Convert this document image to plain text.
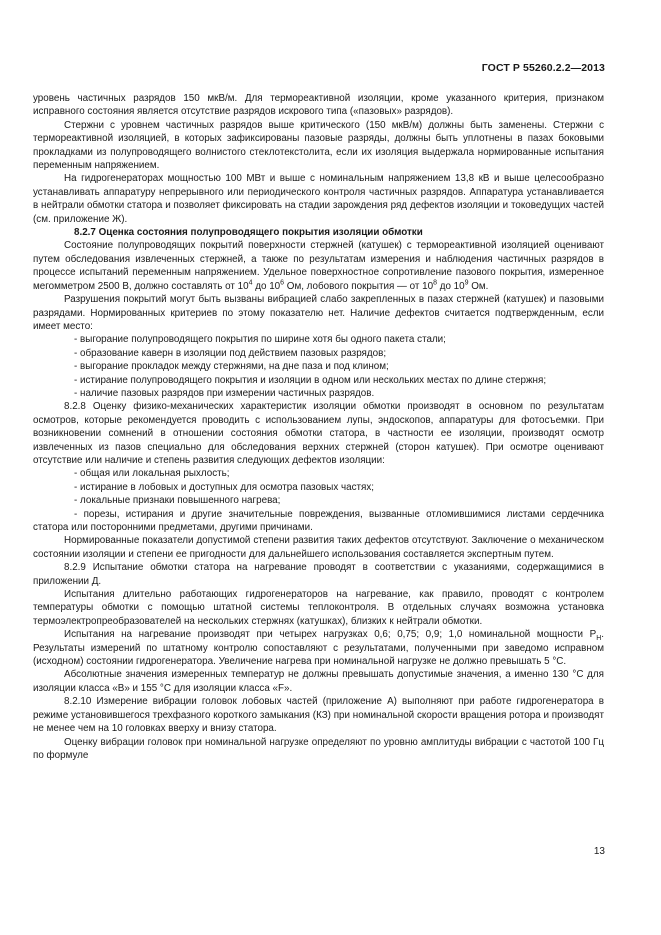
ГОСТ Р 55260.2.2—2013

уровень частичных разрядов 150 мкВ/м. Для термореактивной изоляции, кроме указанного критерия, признаком исправного состояния является отсутствие разрядов искрового типа («пазовых» разрядов).

Стержни с уровнем частичных разрядов выше критического (150 мкВ/м) должны быть заменены. Стержни с термореактивной изоляцией, в которых зафиксированы пазовые разряды, должны быть уплотнены в пазах боковыми прокладками из полупроводящего волнистого стеклотекстолита, если их изоляция выдержала нормированные испытания переменным напряжением.

На гидрогенераторах мощностью 100 МВт и выше с номинальным напряжением 13,8 кВ и выше целесообразно устанавливать аппаратуру непрерывного или периодического контроля частичных разрядов. Аппаратура устанавливается в нейтрали обмотки статора и позволяет фиксировать на стадии зарождения ряд дефектов изоляции и токоведущих частей (см. приложение Ж).

8.2.7 Оценка состояния полупроводящего покрытия изоляции обмотки

Состояние полупроводящих покрытий поверхности стержней (катушек) с термореактивной изоляцией оценивают путем обследования извлеченных стержней, а также по результатам измерения и наблюдения частичных разрядов в процессе испытаний переменным напряжением. Удельное поверхностное сопротивление пазового покрытия, измеренное мегомметром 2500 В, должно составлять от $10^4$ до $10^6$ Ом, лобового покрытия — от $10^8$ до $10^9$ Ом.

Разрушения покрытий могут быть вызваны вибрацией слабо закрепленных в пазах стержней (катушек) и пазовыми разрядами. Нормированных критериев по этому показателю нет. Наличие дефектов считается подтвержденным, если имеет место:

- выгорание полупроводящего покрытия по ширине хотя бы одного пакета стали;

- образование каверн в изоляции под действием пазовых разрядов;

- выгорание прокладок между стержнями, на дне паза и под клином;

- истирание полупроводящего покрытия и изоляции в одном или нескольких местах по длине стержня;

- наличие пазовых разрядов при измерении частичных разрядов.

8.2.8 Оценку физико-механических характеристик изоляции обмотки производят в основном по результатам осмотров, которые рекомендуется проводить с использованием лупы, эндоскопов, аппаратуры для фотосъемки. При возникновении сомнений в отношении состояния обмотки статора, в частности ее изоляции, производят осмотр извлеченных из пазов специально для обследования верхних стержней (сторон катушек). При осмотре оценивают отсутствие или наличие и степень развития следующих дефектов изоляции:

- общая или локальная рыхлость;

- истирание в лобовых и доступных для осмотра пазовых частях;

- локальные признаки повышенного нагрева;

- порезы, истирания и другие значительные повреждения, вызванные отломившимися листами сердечника статора или посторонними предметами, другими причинами.

Нормированные показатели допустимой степени развития таких дефектов отсутствуют. Заключение о механическом состоянии изоляции и степени ее пригодности для дальнейшего использования составляется экспертным путем.

8.2.9 Испытание обмотки статора на нагревание проводят в соответствии с указаниями, содержащимися в приложении Д.

Испытания длительно работающих гидрогенераторов на нагревание, как правило, проводят с контролем температуры обмотки с помощью штатной системы теплоконтроля. В отдельных случаях возможна установка термоэлектропреобразователей на нескольких стержнях (катушках), близких к нейтрали обмотки.

Испытания на нагревание производят при четырех нагрузках 0,6; 0,75; 0,9; 1,0 номинальной мощности $P_Н$. Результаты измерений по штатному контролю сопоставляют с результатами, полученными при заведомо исправном (исходном) состоянии гидрогенератора. Увеличение нагрева при номинальной нагрузке не должно превышать 5 °С.

Абсолютные значения измеренных температур не должны превышать допустимые значения, а именно 130 °С для изоляции класса «В» и 155 °С для изоляции класса «F».

8.2.10 Измерение вибрации головок лобовых частей (приложение А) выполняют при работе гидрогенератора в режиме установившегося трехфазного короткого замыкания (КЗ) при номинальной скорости вращения ротора и производят не менее чем на 10 головках вверху и внизу статора.

Оценку вибрации головок при номинальной нагрузке определяют по уровню амплитуды вибрации с частотой 100 Гц по формуле

13
